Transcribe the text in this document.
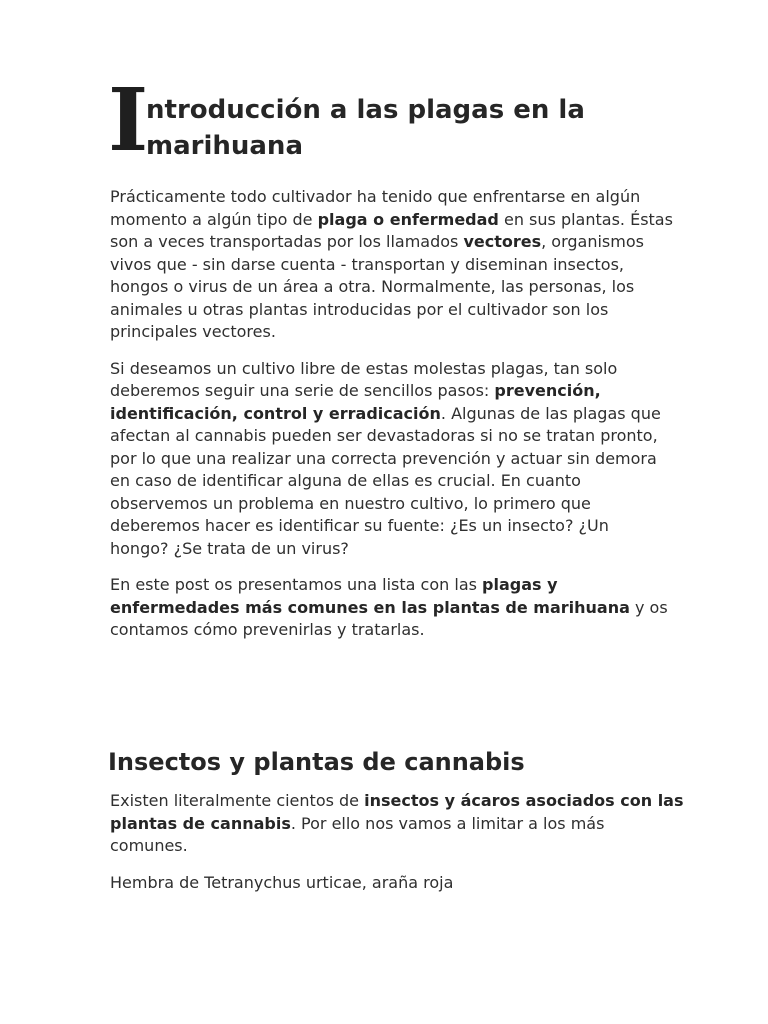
I
ntroducción a las plagas en la
marihuana

Prácticamente todo cultivador ha tenido que enfrentarse en algún
momento a algún tipo de plaga o enfermedad en sus plantas. Éstas
son a veces transportadas por los llamados vectores, organismos
vivos que - sin darse cuenta - transportan y diseminan insectos,
hongos o virus de un área a otra. Normalmente, las personas, los
animales u otras plantas introducidas por el cultivador son los
principales vectores.

Si deseamos un cultivo libre de estas molestas plagas, tan solo
deberemos seguir una serie de sencillos pasos: prevención,
identificación, control y erradicación. Algunas de las plagas que
afectan al cannabis pueden ser devastadoras si no se tratan pronto,
por lo que una realizar una correcta prevención y actuar sin demora
en caso de identificar alguna de ellas es crucial. En cuanto
observemos un problema en nuestro cultivo, lo primero que
deberemos hacer es identificar su fuente: ¿Es un insecto? ¿Un
hongo? ¿Se trata de un virus?

En este post os presentamos una lista con las plagas y
enfermedades más comunes en las plantas de marihuana y os
contamos cómo prevenirlas y tratarlas.

Insectos y plantas de cannabis

Existen literalmente cientos de insectos y ácaros asociados con las
plantas de cannabis. Por ello nos vamos a limitar a los más
comunes.

Hembra de Tetranychus urticae, araña roja
